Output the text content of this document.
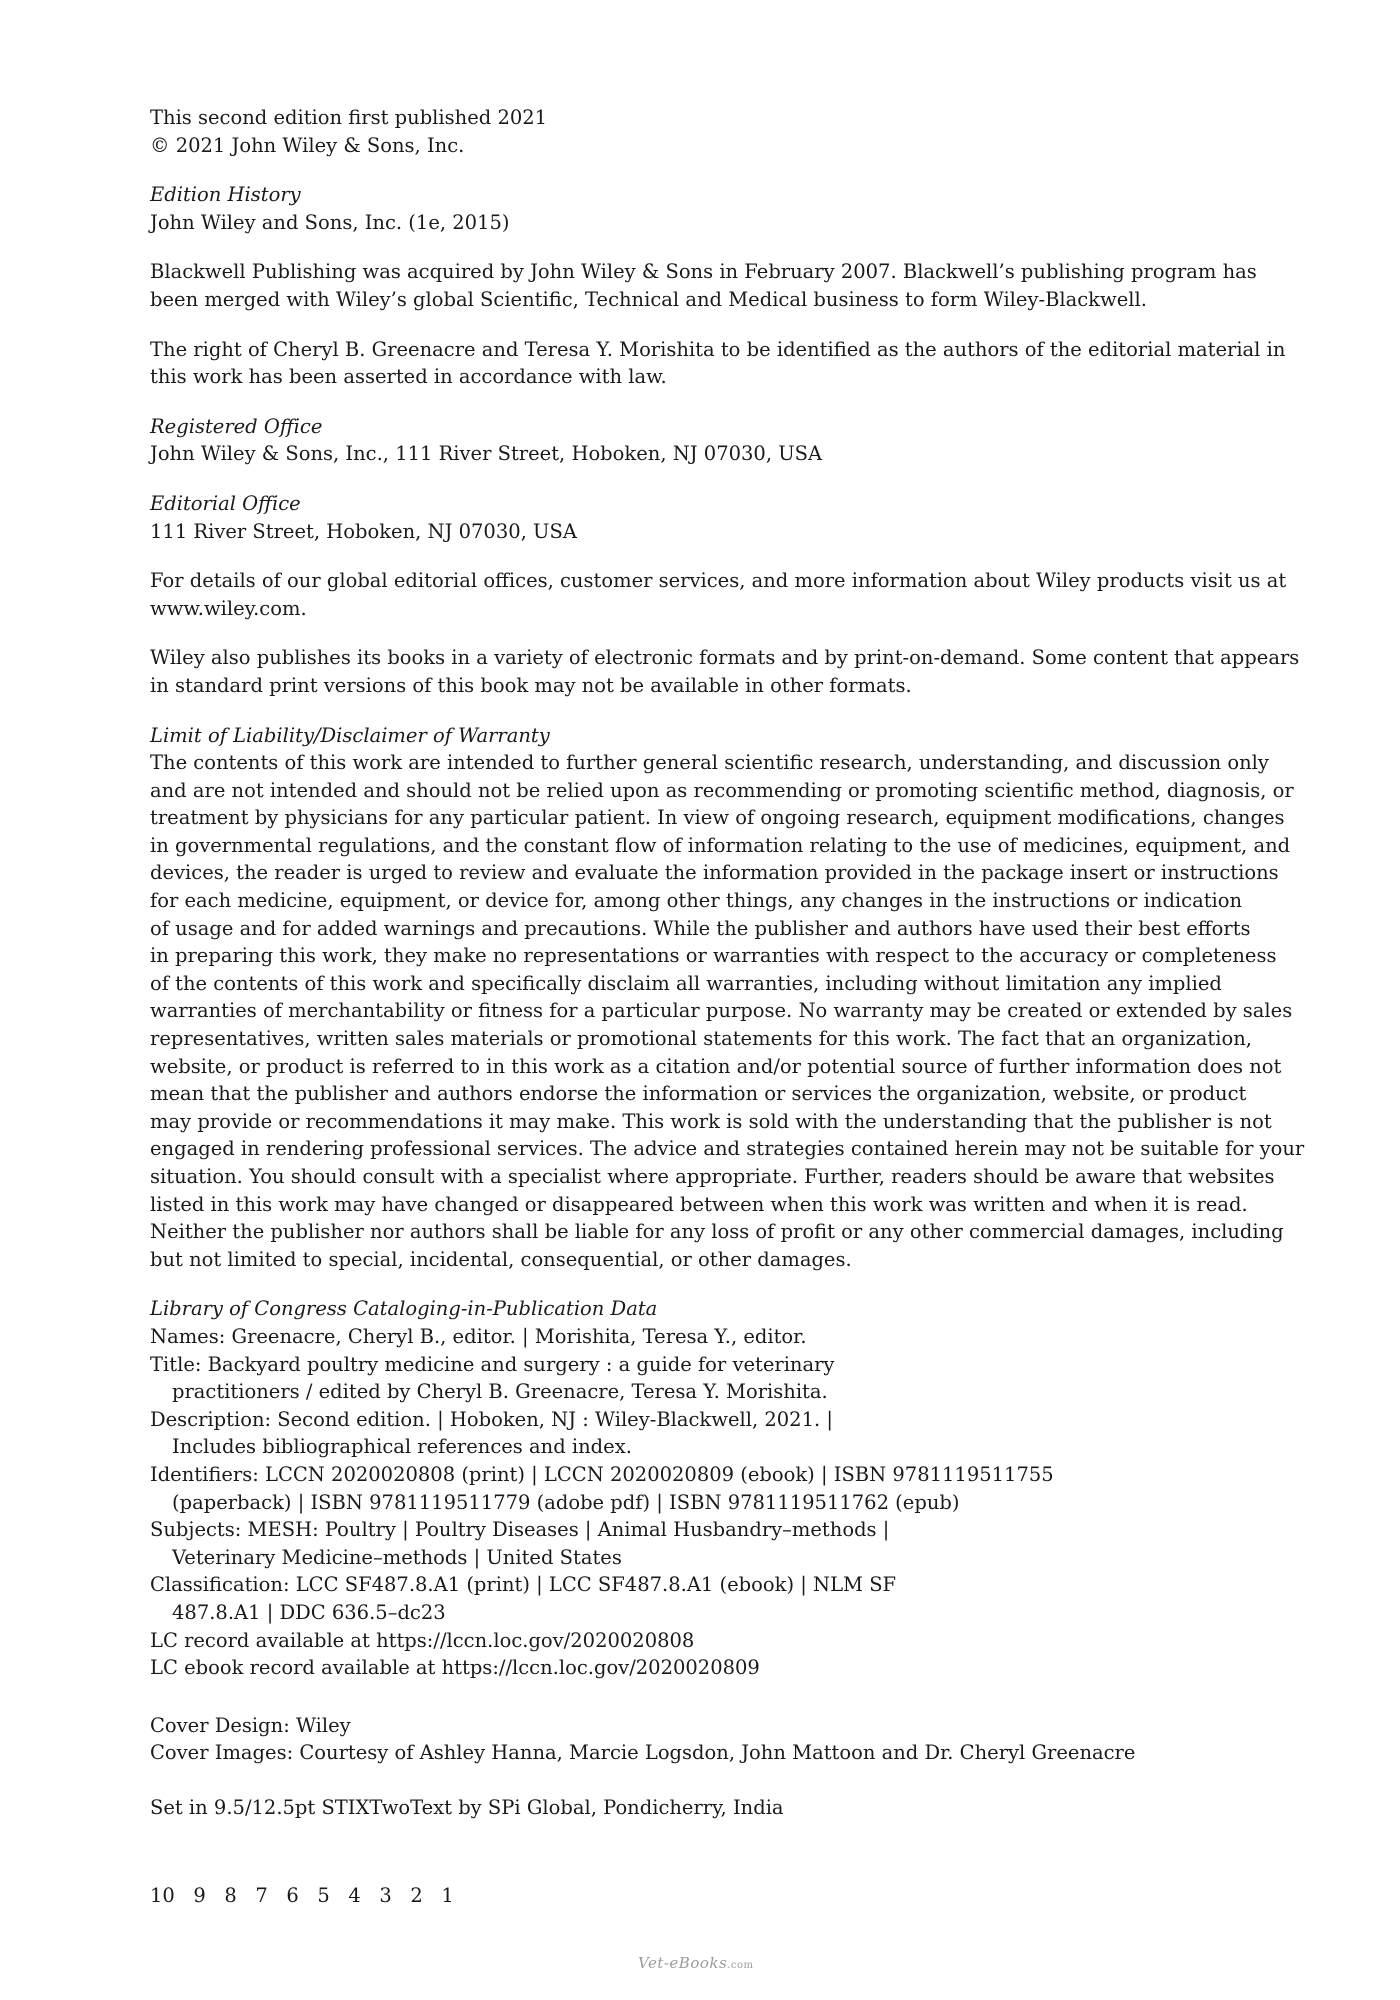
This second edition first published 2021

© 2021 John Wiley & Sons, Inc.

Edition History

John Wiley and Sons, Inc. (1e, 2015)

Blackwell Publishing was acquired by John Wiley & Sons in February 2007. Blackwell’s publishing program has

been merged with Wiley’s global Scientific, Technical and Medical business to form Wiley-Blackwell.

The right of Cheryl B. Greenacre and Teresa Y. Morishita to be identified as the authors of the editorial material in

this work has been asserted in accordance with law.

Registered Office

John Wiley & Sons, Inc., 111 River Street, Hoboken, NJ 07030, USA

Editorial Office

111 River Street, Hoboken, NJ 07030, USA

For details of our global editorial offices, customer services, and more information about Wiley products visit us at

www.wiley.com.

Wiley also publishes its books in a variety of electronic formats and by print-on-demand. Some content that appears

in standard print versions of this book may not be available in other formats.

Limit of Liability/Disclaimer of Warranty

The contents of this work are intended to further general scientific research, understanding, and discussion only

and are not intended and should not be relied upon as recommending or promoting scientific method, diagnosis, or

treatment by physicians for any particular patient. In view of ongoing research, equipment modifications, changes

in governmental regulations, and the constant flow of information relating to the use of medicines, equipment, and

devices, the reader is urged to review and evaluate the information provided in the package insert or instructions

for each medicine, equipment, or device for, among other things, any changes in the instructions or indication

of usage and for added warnings and precautions. While the publisher and authors have used their best efforts

in preparing this work, they make no representations or warranties with respect to the accuracy or completeness

of the contents of this work and specifically disclaim all warranties, including without limitation any implied

warranties of merchantability or fitness for a particular purpose. No warranty may be created or extended by sales

representatives, written sales materials or promotional statements for this work. The fact that an organization,

website, or product is referred to in this work as a citation and/or potential source of further information does not

mean that the publisher and authors endorse the information or services the organization, website, or product

may provide or recommendations it may make. This work is sold with the understanding that the publisher is not

engaged in rendering professional services. The advice and strategies contained herein may not be suitable for your

situation. You should consult with a specialist where appropriate. Further, readers should be aware that websites

listed in this work may have changed or disappeared between when this work was written and when it is read.

Neither the publisher nor authors shall be liable for any loss of profit or any other commercial damages, including

but not limited to special, incidental, consequential, or other damages.

Library of Congress Cataloging-in-Publication Data

Names: Greenacre, Cheryl B., editor. | Morishita, Teresa Y., editor.

Title: Backyard poultry medicine and surgery : a guide for veterinary

practitioners / edited by Cheryl B. Greenacre, Teresa Y. Morishita.

Description: Second edition. | Hoboken, NJ : Wiley-Blackwell, 2021. |

Includes bibliographical references and index.

Identifiers: LCCN 2020020808 (print) | LCCN 2020020809 (ebook) | ISBN 9781119511755

(paperback) | ISBN 9781119511779 (adobe pdf) | ISBN 9781119511762 (epub)

Subjects: MESH: Poultry | Poultry Diseases | Animal Husbandry–methods |

Veterinary Medicine–methods | United States

Classification: LCC SF487.8.A1 (print) | LCC SF487.8.A1 (ebook) | NLM SF

487.8.A1 | DDC 636.5–dc23

LC record available at https://lccn.loc.gov/2020020808

LC ebook record available at https://lccn.loc.gov/2020020809

Cover Design: Wiley

Cover Images: Courtesy of Ashley Hanna, Marcie Logsdon, John Mattoon and Dr. Cheryl Greenacre

Set in 9.5/12.5pt STIXTwoText by SPi Global, Pondicherry, India

10   9   8   7   6   5   4   3   2   1
Vet-eBooks.com
